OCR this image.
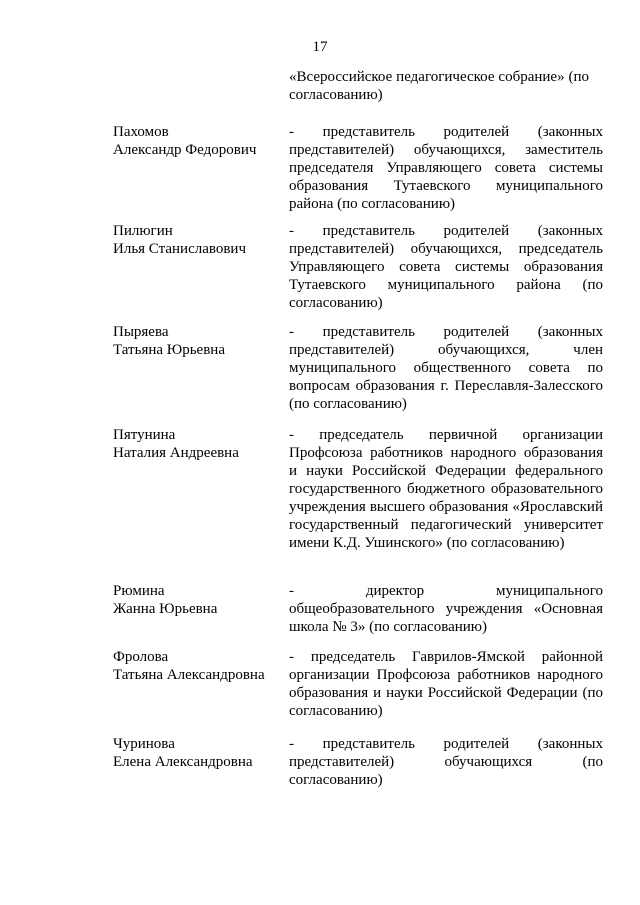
17
«Всероссийское педагогическое собрание» (по согласованию)
Пахомов
Александр Федорович
- представитель родителей (законных представителей) обучающихся, заместитель председателя Управляющего совета системы образования Тутаевского муниципального района (по согласованию)
Пилюгин
Илья Станиславович
- представитель родителей (законных представителей) обучающихся, председатель Управляющего совета системы образования Тутаевского муниципального района (по согласованию)
Пыряева
Татьяна Юрьевна
- представитель родителей (законных представителей) обучающихся, член муниципального общественного совета по вопросам образования г. Переславля-Залесского (по согласованию)
Пятунина
Наталия Андреевна
- председатель первичной организации Профсоюза работников народного образования и науки Российской Федерации федерального государственного бюджетного образовательного учреждения высшего образования «Ярославский государственный педагогический университет имени К.Д. Ушинского» (по согласованию)
Рюмина
Жанна Юрьевна
- директор муниципального общеобразовательного учреждения «Основная школа № 3» (по согласованию)
Фролова
Татьяна Александровна
- председатель Гаврилов-Ямской районной организации Профсоюза работников народного образования и науки Российской Федерации (по согласованию)
Чуринова
Елена Александровна
- представитель родителей (законных представителей) обучающихся (по согласованию)
